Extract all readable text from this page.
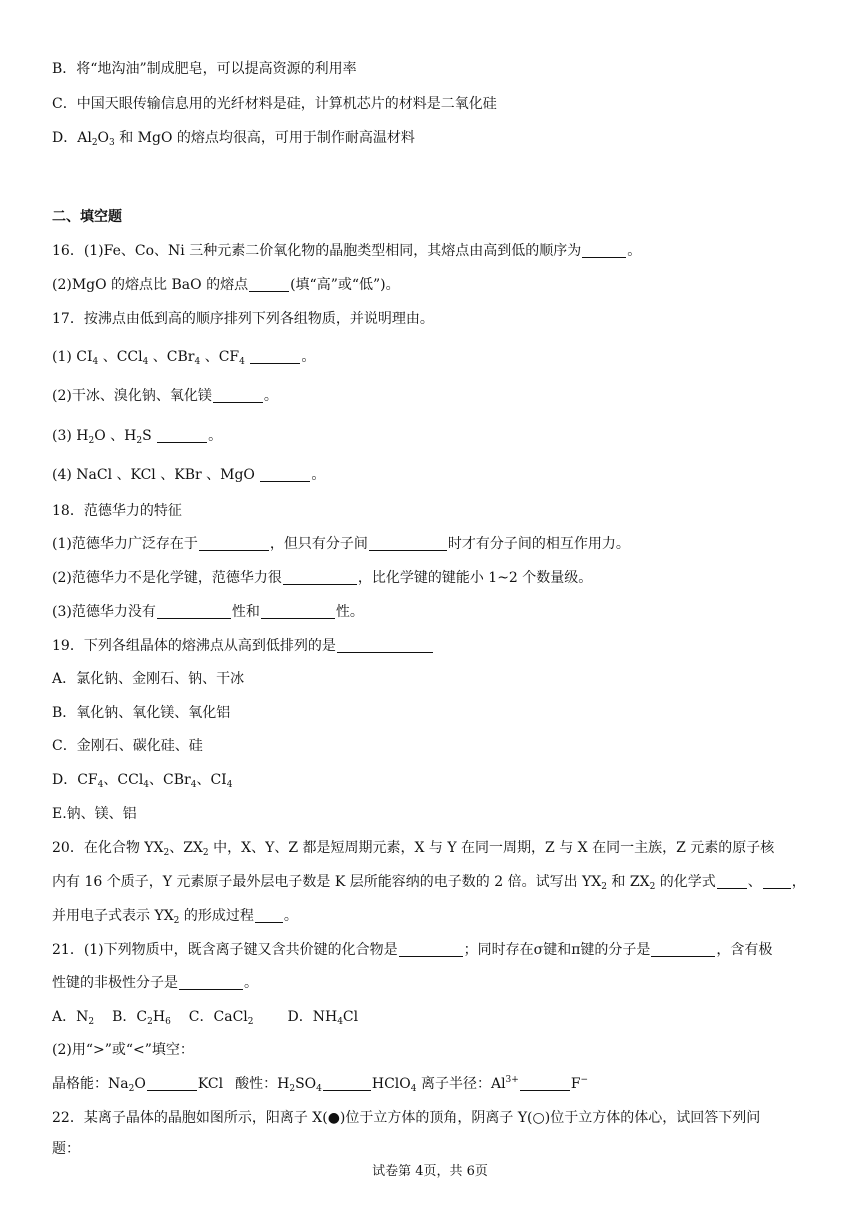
B．将“地沟油”制成肥皂，可以提高资源的利用率
C．中国天眼传输信息用的光纤材料是硅，计算机芯片的材料是二氧化硅
D．$Al_2O_3$ 和 MgO 的熔点均很高，可用于制作耐高温材料
二、填空题
16．(1)Fe、Co、Ni 三种元素二价氧化物的晶胞类型相同，其熔点由高到低的顺序为	。
(2)MgO 的熔点比 BaO 的熔点	(填“高”或“低”)。
17．按沸点由低到高的顺序排列下列各组物质，并说明理由。
(1) $CI_4$ 、CCl$_4$ 、CBr$_4$ 、$CF_4$	。
(2)干冰、溴化钠、氧化镁	。
(3) $H_2O$ 、$H_2S$	。
(4) NaCl 、KCl 、KBr 、MgO	。
18．范德华力的特征
(1)范德华力广泛存在于	，但只有分子间	时才有分子间的相互作用力。
(2)范德华力不是化学键，范德华力很	，比化学键的键能小 1~2 个数量级。
(3)范德华力没有	性和	性。
19．下列各组晶体的熔沸点从高到低排列的是
A．氯化钠、金刚石、钠、干冰
B．氧化钠、氧化镁、氧化铝
C．金刚石、碳化硅、硅
D．$CF_4$、CCl$_4$、CBr$_4$、$CI_4$
E.钠、镁、铝
20．在化合物 $YX_2$、$ZX_2$ 中，X、Y、Z 都是短周期元素，X 与 Y 在同一周期，Z 与 X 在同一主族，Z 元素的原子核
内有 16 个质子，Y 元素原子最外层电子数是 K 层所能容纳的电子数的 2 倍。试写出 $YX_2$ 和 $ZX_2$ 的化学式 、 ，
并用电子式表示 $YX_2$ 的形成过程 。
21．(1)下列物质中，既含离子键又含共价键的化合物是	；同时存在σ键和π键的分子是	，含有极
性键的非极性分子是	。
A．$N_2$ B．$C_2H_6$ C．CaCl$_2$ D．$NH_4Cl$
(2)用“>”或“<”填空：
晶格能：$Na_2O$	KCl 酸性：$H_2SO_4$	HClO$_4$ 离子半径：$Al^{3+}$	F−
22．某离子晶体的晶胞如图所示，阳离子 X(●)位于立方体的顶角，阴离子 Y(○)位于立方体的体心，试回答下列问
题：
试卷第 4页，共 6页
